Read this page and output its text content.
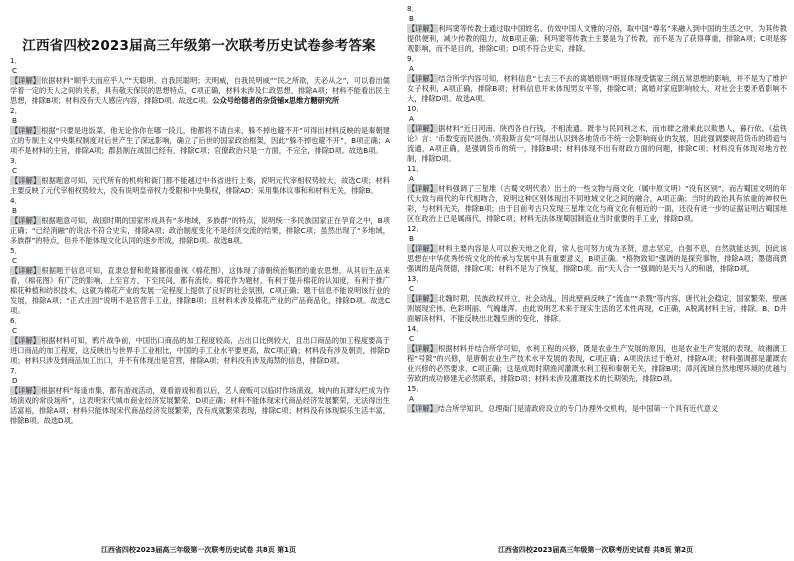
江西省四校2023届高三年级第一次联考历史试卷参考答案

1．

C

【详解】依据材料“顺乎天而应乎人”“天聪明，自我民聪明；天明威，自我民明威”“民之所欲，天必从之”，可以看出儒学着一定的天人之间的关系，具有敬天保民的思想特点，C项正确，材料未涉及仁政思想，排除A项；材料不能看出民主思想，排除B项；材料没有天人感应内容，排除D项。故选C项。公众号给德者的杂货铺x思维方糖研究所

2．

B

【详解】根据“只要是进饭菜，他无论你你在哪一段儿，他都将不请自来，躲不掉也避不开”可得出材料反映的是秦朝建立的专制主义中央集权制度对后世产生了深远影响，确立了后世的国家政治框架，因此“躲不掉也避不开”，B项正确；A项不是材料的主旨，排除A项；郡县制在战国已经有，排除C项；官僚政治只是一方面，不完全，排除D项。故选B项。

3．

C

【详解】根据题意可知，元代所有的机构和衙门都不能越过中书省进行上奏，说明元代宰相权势较大，故选C项；材料主要反映了元代宰相权势较大，没有说明皇帝权力受限和中央集权，排除AD；采用集体议事和和材料无关，排除B。

4．

B

【详解】根据题意可知，战国时期的国家形成具有“多地域，多族群”的特点，说明统一多民族国家正在孕育之中，B项正确；“已经消融”的说法不符合史实，排除A项；政治制度变化不是经济交流的结果，排除C项；虽然出现了“多地域，多族群”的特点，但并不能体现文化认同的逐步形成，排除D项。故选B项。

5．

C

【详解】根据题干信息可知，直隶总督和乾隆都很重视《棉花图》，这体现了清朝统治集团的重农思想，从其衍生品来看，《棉花图》有广泛的影响，上至官方，下至民间，都有流传。棉花作为题材，有利于提升棉花的认知度，有利于推广棉花种植和纺织技术，这就为棉花产业的发展一定程度上提供了良好的社会氛围，C项正确；题干信息不能说明该行业的发展，排除A项；“正式庄园”说明不是官营手工业，排除B项；且材料未涉及棉花产业的产品商品化，排除D项。故选C项。

6．

C

【详解】根据材料可知，鸦片战争前，中国出口商品的加工程度较高，占出口比例较大，且出口商品的加工程度要高于进口商品的加工程度，这反映出与世界手工业相比，中国的手工业水平要更高，故C项正确；材料没有涉及朝贡，排除D项；材料只涉及到商品加工出口，并不有体现出是官营，排除A项；材料没有涉及海禁的信息，排除D项。

7．

D

【详解】根据材料“每逢市集，都有游戏活动，观看游戏和看以后，艺人商贩可以临时作场演戏，城内的瓦肆勾栏成为作场演戏的常设场所”，这表明宋代城市商业经济发展繁荣，D项正确；材料不能体现宋代商品经济发展繁荣，无法得出生活富裕，排除A项；材料只能体现宋代商品经济发展繁荣，没有成就繁荣表现，排除C项；材料没有体现娱乐生活丰富，排除B项。故选D项。

江西省四校2023届高三年级第一次联考历史试卷 共8页 第1页

8．

B

【详解】利玛窦等传教士通过取中国姓名、仿效中国人文雅的习俗，取中国“尊名”来融入到中国的生活之中，为其传教提供便利，减少传教的阻力，故B项正确；利玛窦等传教士主要是为了传教，而不是为了获得尊重，排除A项；C项是客观影响，而不是目的，排除C项；D项不符合史实，排除。

9．

A

【详解】结合所学内容可知，材料信息“七去三不去的离婚原则”明显体现受儒家三纲五常思想的影响，并不是为了维护女子权利，A项正确，排除B项；材料信息并未体现男女平等，排除C项；离婚对家庭影响较大，对社会主要矛盾影响不大，排除D项。故选A项。

10．

A

【详解】据材料“近日河南、陕西各自行钱，不相流通。既非与民同利之术，而市肆之滑乘此以欺愚人，暮行依。《盐铁论》言：‘币数变而民滋伪。’亮般斯言矣”可得出认识到各地货币不统一会影响商业的发展，因此强调要规范货币的铸造与流通，A项正确，是强调货币的统一，排除B项；材料体现不出有财政方面的问题，排除C项；材料没有体现对地方控制，排除D项。

11．

A

【详解】材料强调了三星堆（古蜀文明代表）出土的一些文物与商文化（属中原文明）“没有区别”，而古蜀国文明的年代大致与商代的年代相吻合，说明这种区别体现出不同地域文化之间的融合，A项正确；当时的政治具有浓重的神权色彩，与材料无关，排除B项；由于目前考古只发现三星堆文化与商文化有相近的一面，还没有进一步的证据证明古蜀国地区在政治上已是属商代，排除C项；材料无法体现蜀国制造业当时重要的手工业，排除D项。

12．

B

【详解】材料主要内容是人可以抱天地之化育，常人也可努力成为圣贤，意志坚定，自强不息，自然就能达到，因此该思想在中华优秀传统文化的传承与发展中具有重要意义，B项正确。“格物致知”强调的是探究事物，排除A项；墨德商贾强调的是尚贤德，排除C项；材料不是为了恢复，排除D项。而“天人合一”强调的是天与人的和谐，排除D项。

13．

C

【详解】北魏时期，民族政权并立，社会动乱，因此壁画反映了“流血”“杀戮”等内容，唐代社会稳定，国家繁荣，壁画则展现宏伟、色彩明丽、气魄雄浑。由此说明艺术来于现实生活的艺术性再现，C正确，A脱离材料主旨，排除。B、D并面解读材料，不能反映出北魏至唐的变化，排除。

14．

C

【详解】根据材料并结合所学可知，水利工程的兴修，既是农业生产发展的原因，也是农业生产发展的表现，故湘漓工程“号陂”的兴修，是唐朝农业生产技术水平发展的表现，C项正确；A项说法过于绝对，排除A项；材料强调都是灌溉农业兴修的必然要求，C项正确；这是成周时期渔河灌溉水利工程和秦朝无关，排除B项；漳河流域自然地理环境的优越与劳欧的成功修建无必然联系，排除D项；材料未涉及灌溉技术的长期领先，排除D项。

15．

A

【详解】结合所学知识，总理衙门是清政府设立的专门办理外交机构，是中国第一个具有近代意义

江西省四校2023届高三年级第一次联考历史试卷 共8页 第2页
